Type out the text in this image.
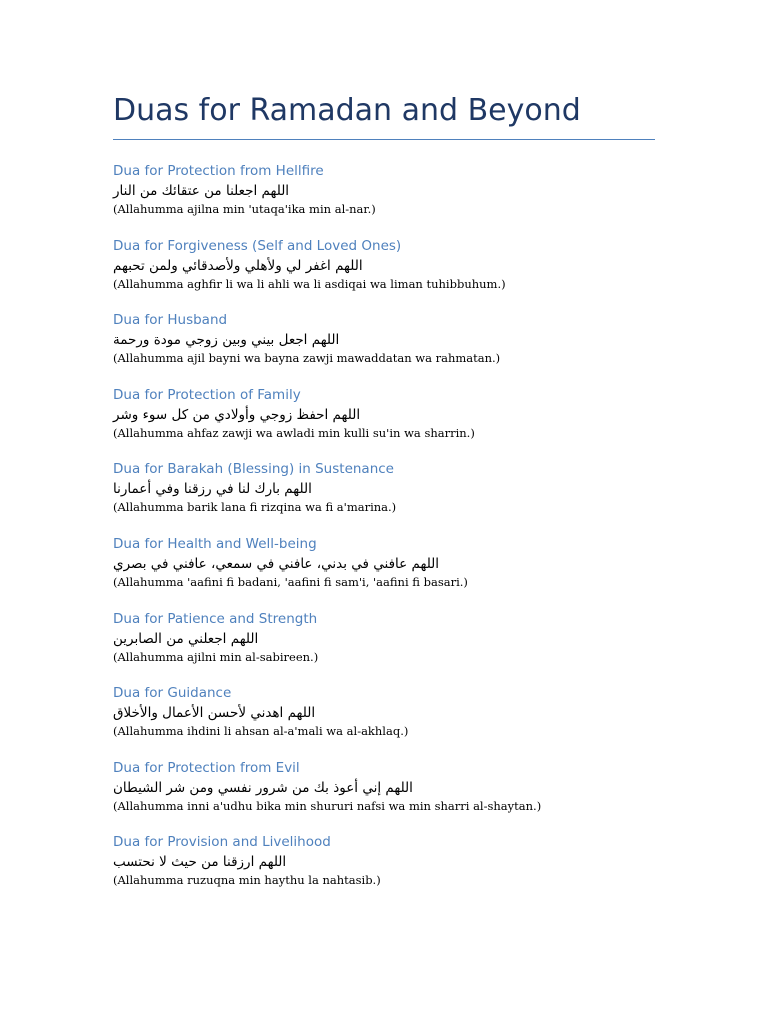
Duas for Ramadan and Beyond
Dua for Protection from Hellfire
اللهم اجعلنا من عتقائك من النار
(Allahumma ajilna min 'utaqa'ika min al-nar.)
Dua for Forgiveness (Self and Loved Ones)
اللهم اغفر لي ولأهلي ولأصدقائي ولمن تحبهم
(Allahumma aghfir li wa li ahli wa li asdiqai wa liman tuhibbuhum.)
Dua for Husband
اللهم اجعل بيني وبين زوجي مودة ورحمة
(Allahumma ajil bayni wa bayna zawji mawaddatan wa rahmatan.)
Dua for Protection of Family
اللهم احفظ زوجي وأولادي من كل سوء وشر
(Allahumma ahfaz zawji wa awladi min kulli su'in wa sharrin.)
Dua for Barakah (Blessing) in Sustenance
اللهم بارك لنا في رزقنا وفي أعمارنا
(Allahumma barik lana fi rizqina wa fi a'marina.)
Dua for Health and Well-being
اللهم عافني في بدني، عافني في سمعي، عافني في بصري
(Allahumma 'aafini fi badani, 'aafini fi sam'i, 'aafini fi basari.)
Dua for Patience and Strength
اللهم اجعلني من الصابرين
(Allahumma ajilni min al-sabireen.)
Dua for Guidance
اللهم اهدني لأحسن الأعمال والأخلاق
(Allahumma ihdini li ahsan al-a'mali wa al-akhlaq.)
Dua for Protection from Evil
اللهم إني أعوذ بك من شرور نفسي ومن شر الشيطان
(Allahumma inni a'udhu bika min shururi nafsi wa min sharri al-shaytan.)
Dua for Provision and Livelihood
اللهم ارزقنا من حيث لا نحتسب
(Allahumma ruzuqna min haythu la nahtasib.)
